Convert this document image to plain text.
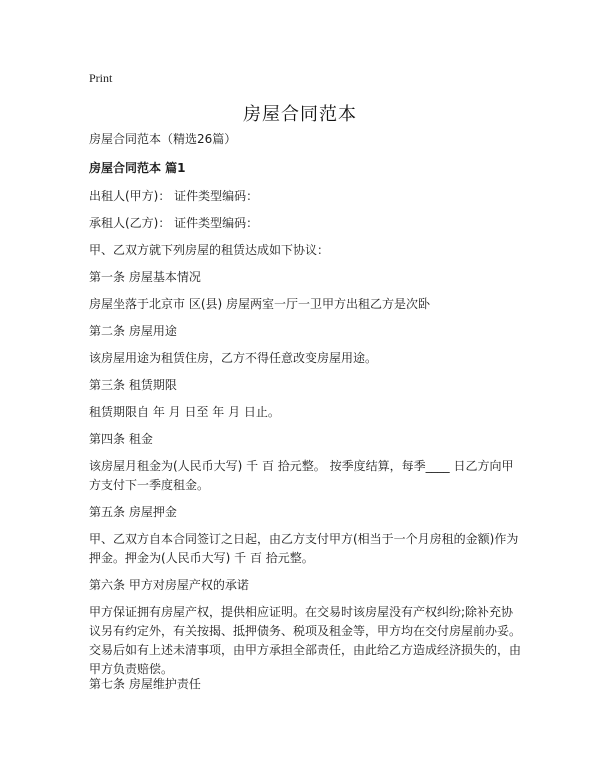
Print
房屋合同范本
房屋合同范本（精选26篇）
房屋合同范本 篇1
出租人(甲方)： 证件类型编码：
承租人(乙方)： 证件类型编码：
甲、乙双方就下列房屋的租赁达成如下协议：
第一条 房屋基本情况
房屋坐落于北京市 区(县) 房屋两室一厅一卫甲方出租乙方是次卧
第二条 房屋用途
该房屋用途为租赁住房，乙方不得任意改变房屋用途。
第三条 租赁期限
租赁期限自 年 月 日至 年 月 日止。
第四条 租金
该房屋月租金为(人民币大写) 千 百 拾元整。 按季度结算，每季____ 日乙方向甲方支付下一季度租金。
第五条 房屋押金
甲、乙双方自本合同签订之日起，由乙方支付甲方(相当于一个月房租的金额)作为押金。押金为(人民币大写) 千 百 拾元整。
第六条 甲方对房屋产权的承诺
甲方保证拥有房屋产权，提供相应证明。在交易时该房屋没有产权纠纷;除补充协议另有约定外，有关按揭、抵押债务、税项及租金等，甲方均在交付房屋前办妥。交易后如有上述未清事项，由甲方承担全部责任，由此给乙方造成经济损失的，由甲方负责赔偿。
第七条 房屋维护责任
